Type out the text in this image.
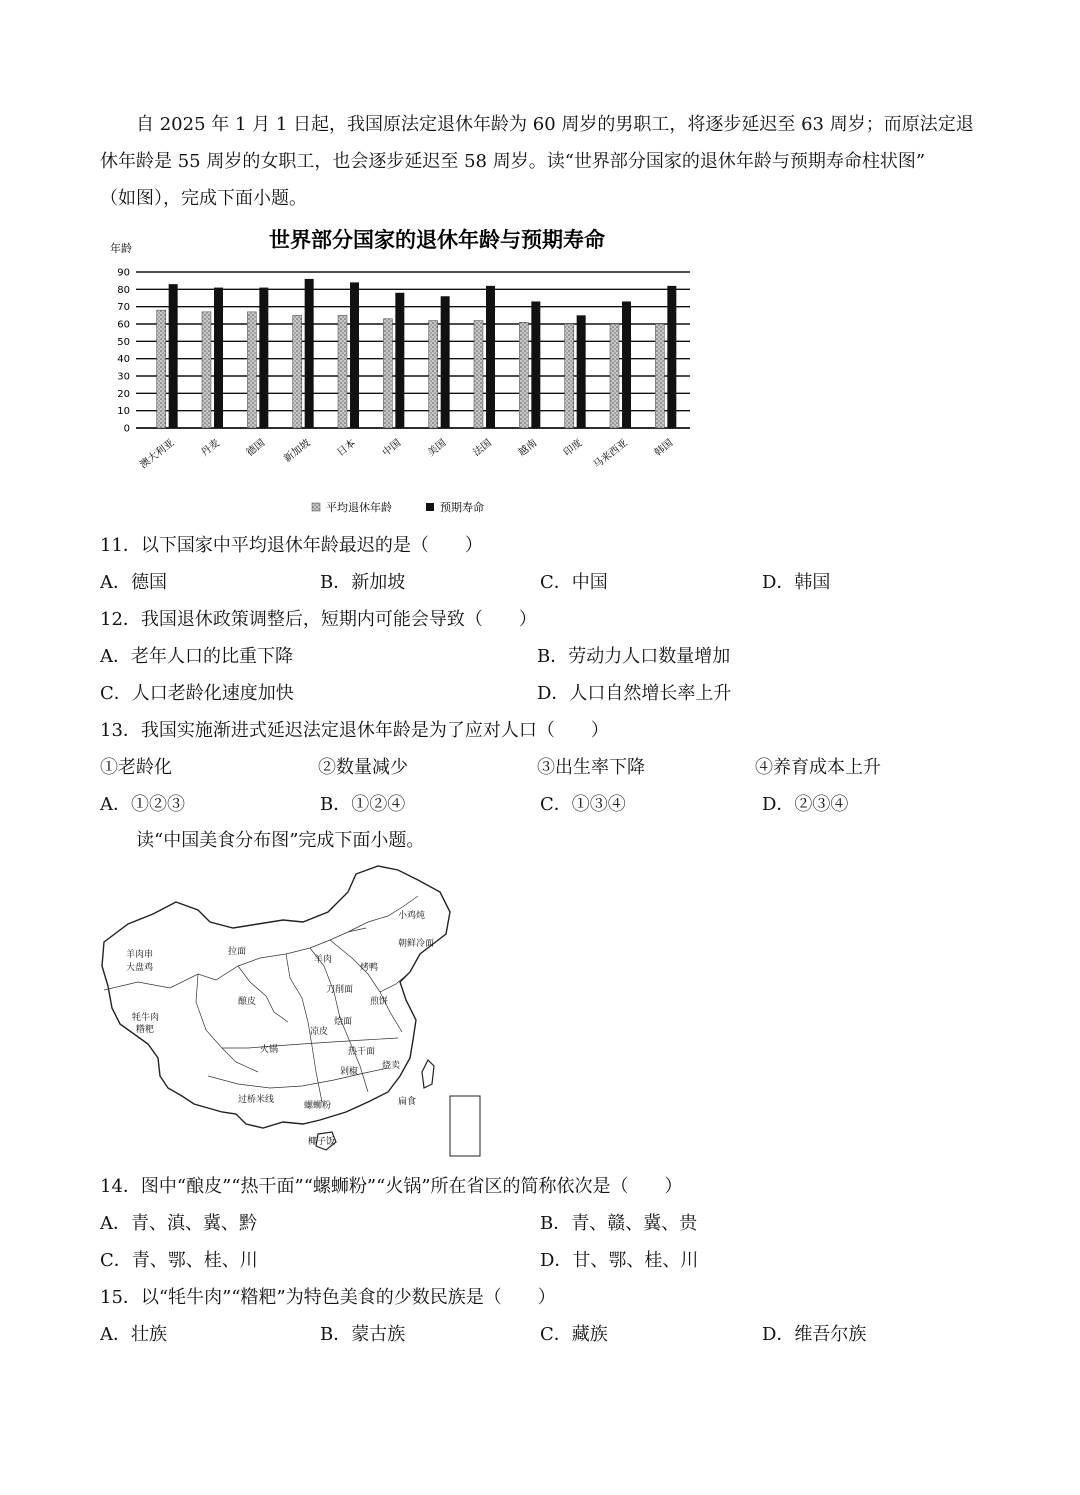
自 2025 年 1 月 1 日起，我国原法定退休年龄为 60 周岁的男职工，将逐步延迟至 63 周岁；而原法定退
休年龄是 55 周岁的女职工，也会逐步延迟至 58 周岁。读“世界部分国家的退休年龄与预期寿命柱状图”
（如图），完成下面小题。

世界部分国家的退休年龄与预期寿命
年龄
0
10
20
30
40
50
60
70
80
90
澳大利亚 丹麦 德国 新加坡 日本 中国 美国 法国 越南 印度 马来西亚 韩国
平均退休年龄	预期寿命
11．以下国家中平均退休年龄最迟的是（　　）
A．德国	B．新加坡	C．中国	D．韩国
12．我国退休政策调整后，短期内可能会导致（　　）
A．老年人口的比重下降	B．劳动力人口数量增加
C．人口老龄化速度加快	D．人口自然增长率上升
13．我国实施渐进式延迟法定退休年龄是为了应对人口（　　）
①老龄化	②数量减少	③出生率下降	④养育成本上升
A．①②③	B．①②④	C．①③④	D．②③④
读“中国美食分布图”完成下面小题。
羊肉串
大盘鸡
拉面
酿皮
牦牛肉
糌粑
火锅
过桥米线
小鸡炖
朝鲜冷面
烤鸭
羊肉
煎饼
刀削面
烩面
凉皮
热干面
剁椒
螺蛳粉
椰子饭
烧卖
扁食
14．图中“酿皮”“热干面”“螺蛳粉”“火锅”所在省区的简称依次是（　　）
A．青、滇、冀、黔	B．青、赣、冀、贵
C．青、鄂、桂、川	D．甘、鄂、桂、川
15．以“牦牛肉”“糌粑”为特色美食的少数民族是（　　）
A．壮族	B．蒙古族	C．藏族	D．维吾尔族
